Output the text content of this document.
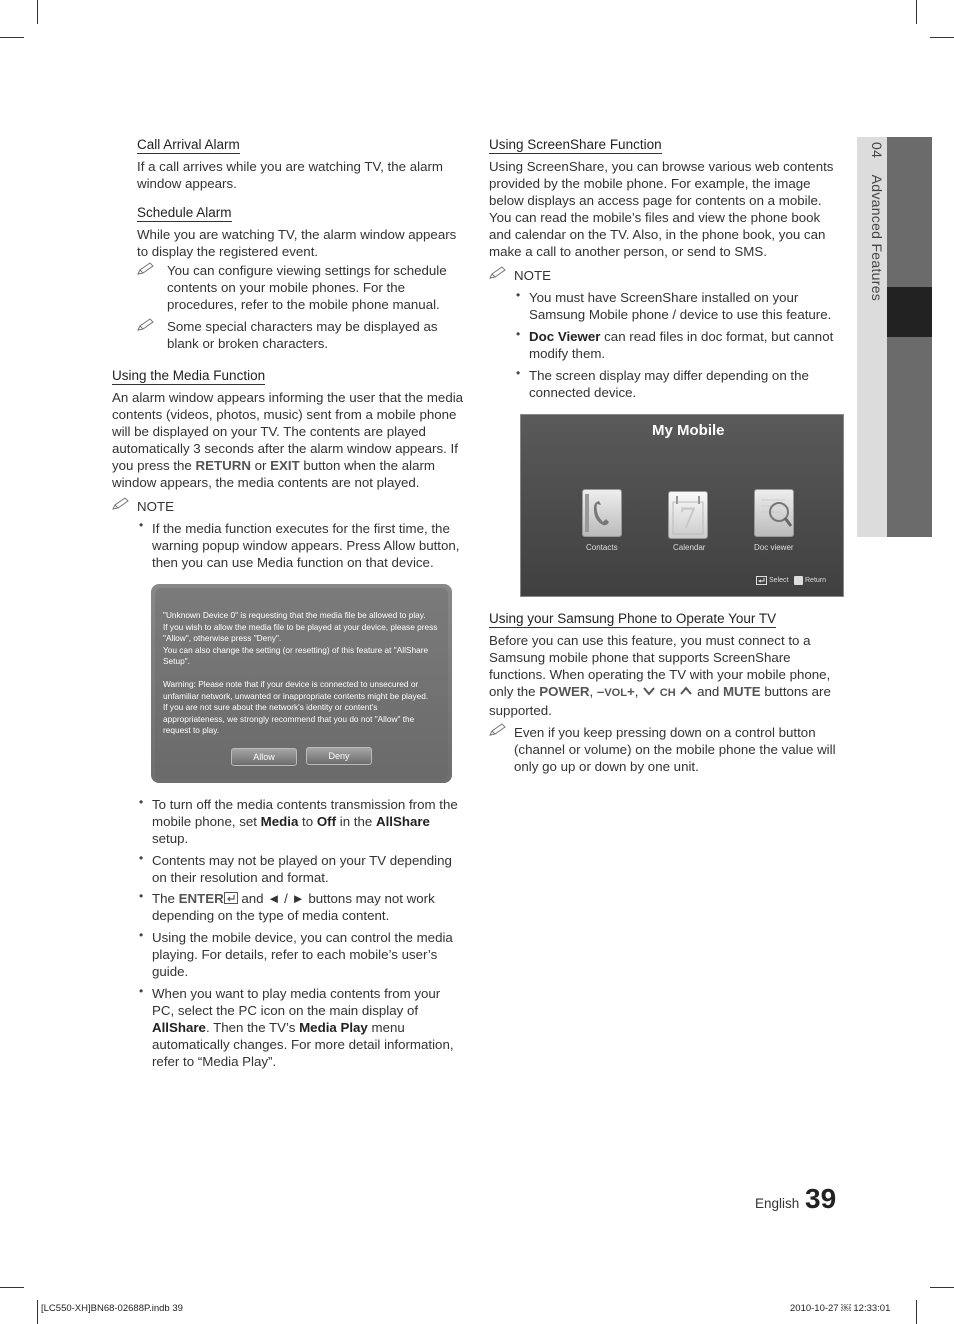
04  Advanced Features
Call Arrival Alarm
If a call arrives while you are watching TV, the alarm window appears.
Schedule Alarm
While you are watching TV, the alarm window appears to display the registered event.
You can configure viewing settings for schedule contents on your mobile phones. For the procedures, refer to the mobile phone manual.
Some special characters may be displayed as blank or broken characters.
Using the Media Function
An alarm window appears informing the user that the media contents (videos, photos, music) sent from a mobile phone will be displayed on your TV. The contents are played automatically 3 seconds after the alarm window appears. If you press the RETURN or EXIT button when the alarm window appears, the media contents are not played.
NOTE
• If the media function executes for the first time, the warning popup window appears. Press Allow button, then you can use Media function on that device.
"Unknown Device 0" is requesting that the media file be allowed to play.
If you wish to allow the media file to be played at your device, please press
"Allow", otherwise press "Deny".
You can also change the setting (or resetting) of this feature at "AllShare
Setup".

Warning: Please note that if your device is connected to unsecured or
unfamiliar network, unwanted or inappropriate contents might be played.
If you are not sure about the network's identity or content's
appropriateness, we strongly recommend that you do not "Allow" the
request to play.
Allow	Deny
• To turn off the media contents transmission from the mobile phone, set Media to Off in the AllShare setup.
• Contents may not be played on your TV depending on their resolution and format.
• The ENTER and ◄ / ► buttons may not work depending on the type of media content.
• Using the mobile device, you can control the media playing. For details, refer to each mobile’s user’s guide.
• When you want to play media contents from your PC, select the PC icon on the main display of AllShare. Then the TV’s Media Play menu automatically changes. For more detail information, refer to “Media Play”.
Using ScreenShare Function
Using ScreenShare, you can browse various web contents provided by the mobile phone. For example, the image below displays an access page for contents on a mobile. You can read the mobile’s files and view the phone book and calendar on the TV. Also, in the phone book, you can make a call to another person, or send to SMS.
NOTE
• You must have ScreenShare installed on your Samsung Mobile phone / device to use this feature.
• Doc Viewer can read files in doc format, but cannot modify them.
• The screen display may differ depending on the connected device.
My Mobile
Contacts
7
Calendar	Doc viewer
Select Return
Using your Samsung Phone to Operate Your TV
Before you can use this feature, you must connect to a Samsung mobile phone that supports ScreenShare functions. When operating the TV with your mobile phone, only the POWER, –VOL+,  CH  and MUTE buttons are supported.
Even if you keep pressing down on a control button (channel or volume) on the mobile phone the value will only go up or down by one unit.
English 39
[LC550-XH]BN68-02688P.indb 39	2010-10-27 ￼ 12:33:01
